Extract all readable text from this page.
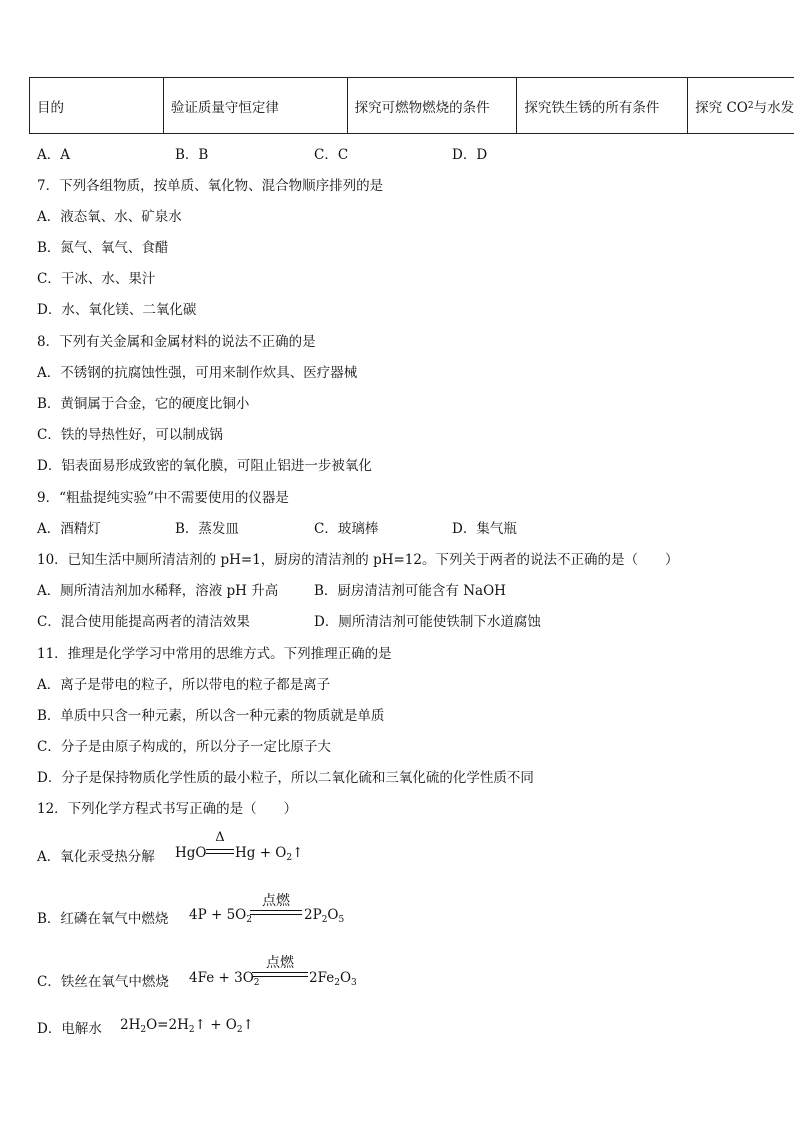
目的	验证质量守恒定律	探究可燃物燃烧的条件	探究铁生锈的所有条件	探究 CO 2 与水发
A．A	B．B	C．C	D．D
7．下列各组物质，按单质、氧化物、混合物顺序排列的是
A．液态氧、水、矿泉水
B．氮气、氧气、食醋
C．干冰、水、果汁
D．水、氧化镁、二氧化碳
8．下列有关金属和金属材料的说法不正确的是
A．不锈钢的抗腐蚀性强，可用来制作炊具、医疗器械
B．黄铜属于合金，它的硬度比铜小
C．铁的导热性好，可以制成锅
D．铝表面易形成致密的氧化膜，可阻止铝进一步被氧化
9．“粗盐提纯实验”中不需要使用的仪器是
A．酒精灯	B．蒸发皿	C．玻璃棒	D．集气瓶
10．已知生活中厕所清洁剂的 pH=1，厨房的清洁剂的 pH=12。下列关于两者的说法不正确的是（　　）
A．厕所清洁剂加水稀释，溶液 pH 升高	B．厨房清洁剂可能含有 NaOH
C．混合使用能提高两者的清洁效果	D．厕所清洁剂可能使铁制下水道腐蚀
11．推理是化学学习中常用的思维方式。下列推理正确的是
A．离子是带电的粒子，所以带电的粒子都是离子
B．单质中只含一种元素，所以含一种元素的物质就是单质
C．分子是由原子构成的，所以分子一定比原子大
D．分子是保持物质化学性质的最小粒子，所以二氧化硫和三氧化硫的化学性质不同
12．下列化学方程式书写正确的是（　　）
A．氧化汞受热分解 HgO
Δ
$Hg + O_2↑$
B．红磷在氧气中燃烧 $4P + 5O_2$
点燃
$2P_2O_5$
C．铁丝在氧气中燃烧 $4Fe + 3O_2$
点燃
$2Fe_2O_3$
D．电解水 $2H_2O=2H_2↑$ + $O_2↑$
